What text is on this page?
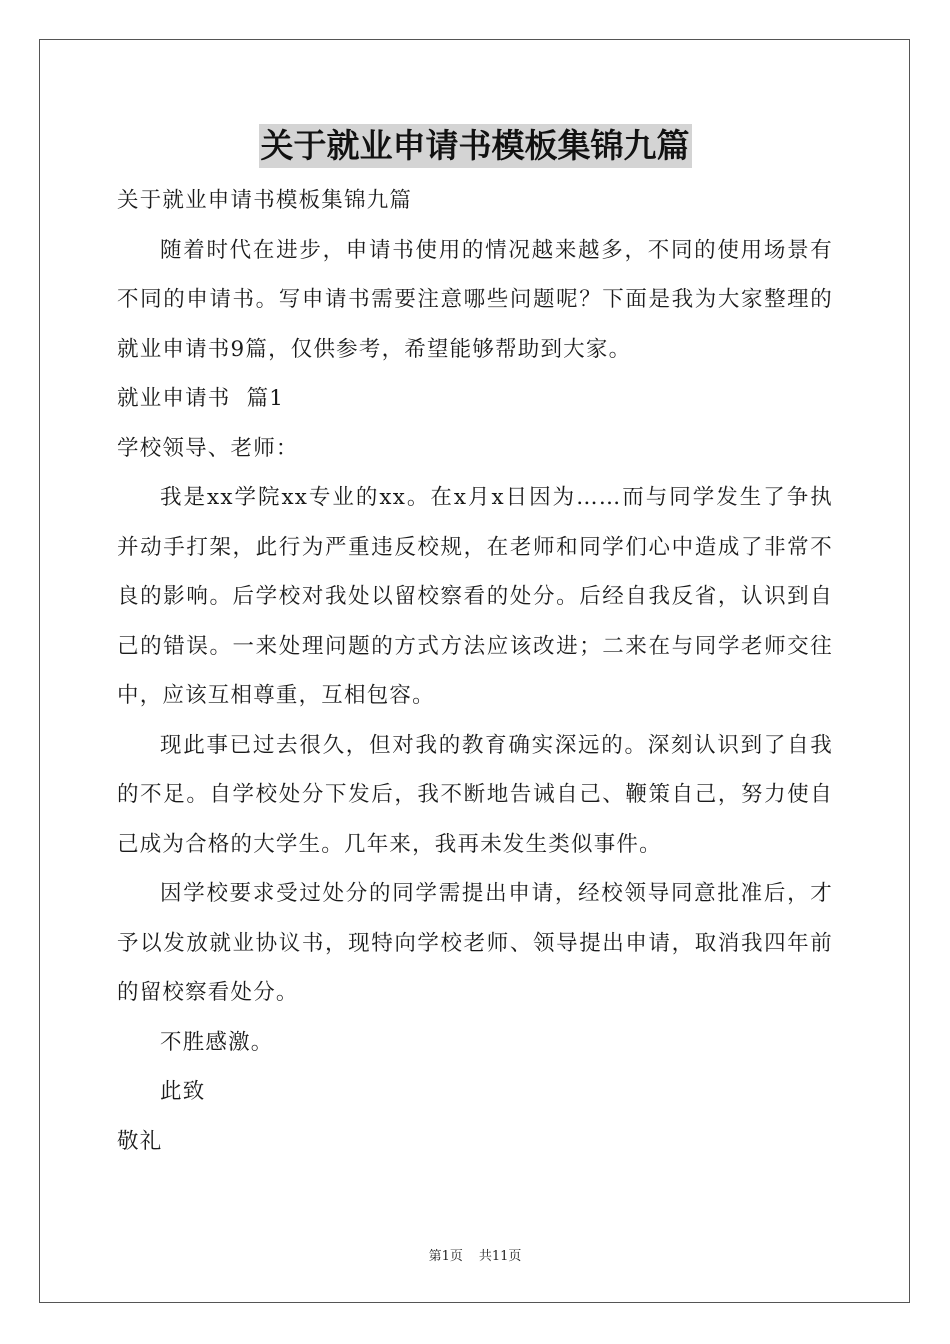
关于就业申请书模板集锦九篇

关于就业申请书模板集锦九篇

随着时代在进步，申请书使用的情况越来越多，不同的使用场景有不同的申请书。写申请书需要注意哪些问题呢？下面是我为大家整理的就业申请书9篇，仅供参考，希望能够帮助到大家。

就业申请书  篇1

学校领导、老师：

我是xx学院xx专业的xx。在x月x日因为……而与同学发生了争执并动手打架，此行为严重违反校规，在老师和同学们心中造成了非常不良的影响。后学校对我处以留校察看的处分。后经自我反省，认识到自己的错误。一来处理问题的方式方法应该改进；二来在与同学老师交往中，应该互相尊重，互相包容。

现此事已过去很久，但对我的教育确实深远的。深刻认识到了自我的不足。自学校处分下发后，我不断地告诫自己、鞭策自己，努力使自己成为合格的大学生。几年来，我再未发生类似事件。

因学校要求受过处分的同学需提出申请，经校领导同意批准后，才予以发放就业协议书，现特向学校老师、领导提出申请，取消我四年前的留校察看处分。

不胜感激。

此致

敬礼

第1页 共11页
